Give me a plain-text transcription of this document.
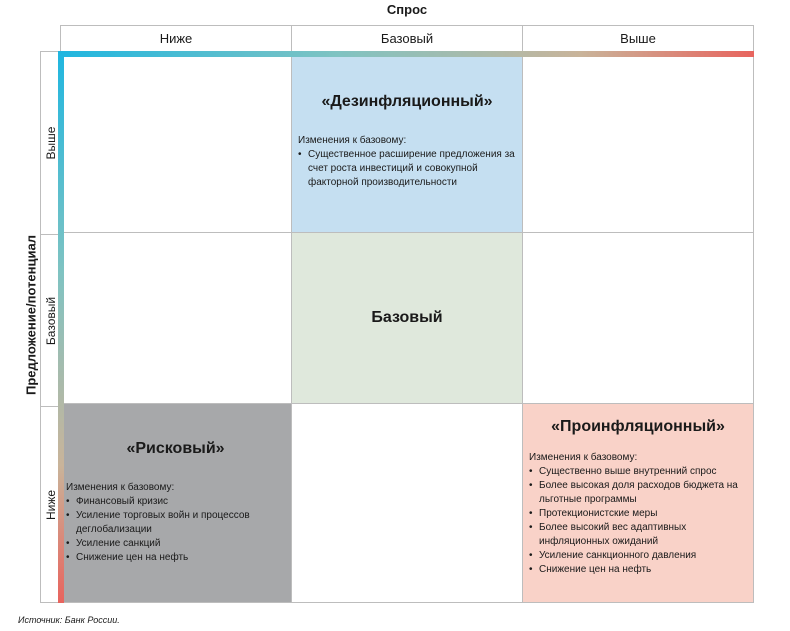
Спрос
Предложение/потенциал
Ниже	Базовый	Выше
Выше
Базовый
Ниже

«Дезинфляционный»

Изменения к базовому:

• Существенное расширение предложения за счет роста инвестиций и совокупной факторной производительности

Базовый

«Рисковый»

Изменения к базовому:

• Финансовый кризис
• Усиление торговых войн и процессов деглобализации
• Усиление санкций
• Снижение цен на нефть

«Проинфляционный»

Изменения к базовому:

• Существенно выше внутренний спрос
• Более высокая доля расходов бюджета на льготные программы
• Протекционистские меры
• Более высокий вес адаптивных инфляционных ожиданий
• Усиление санкционного давления
• Снижение цен на нефть
Источник: Банк России.
